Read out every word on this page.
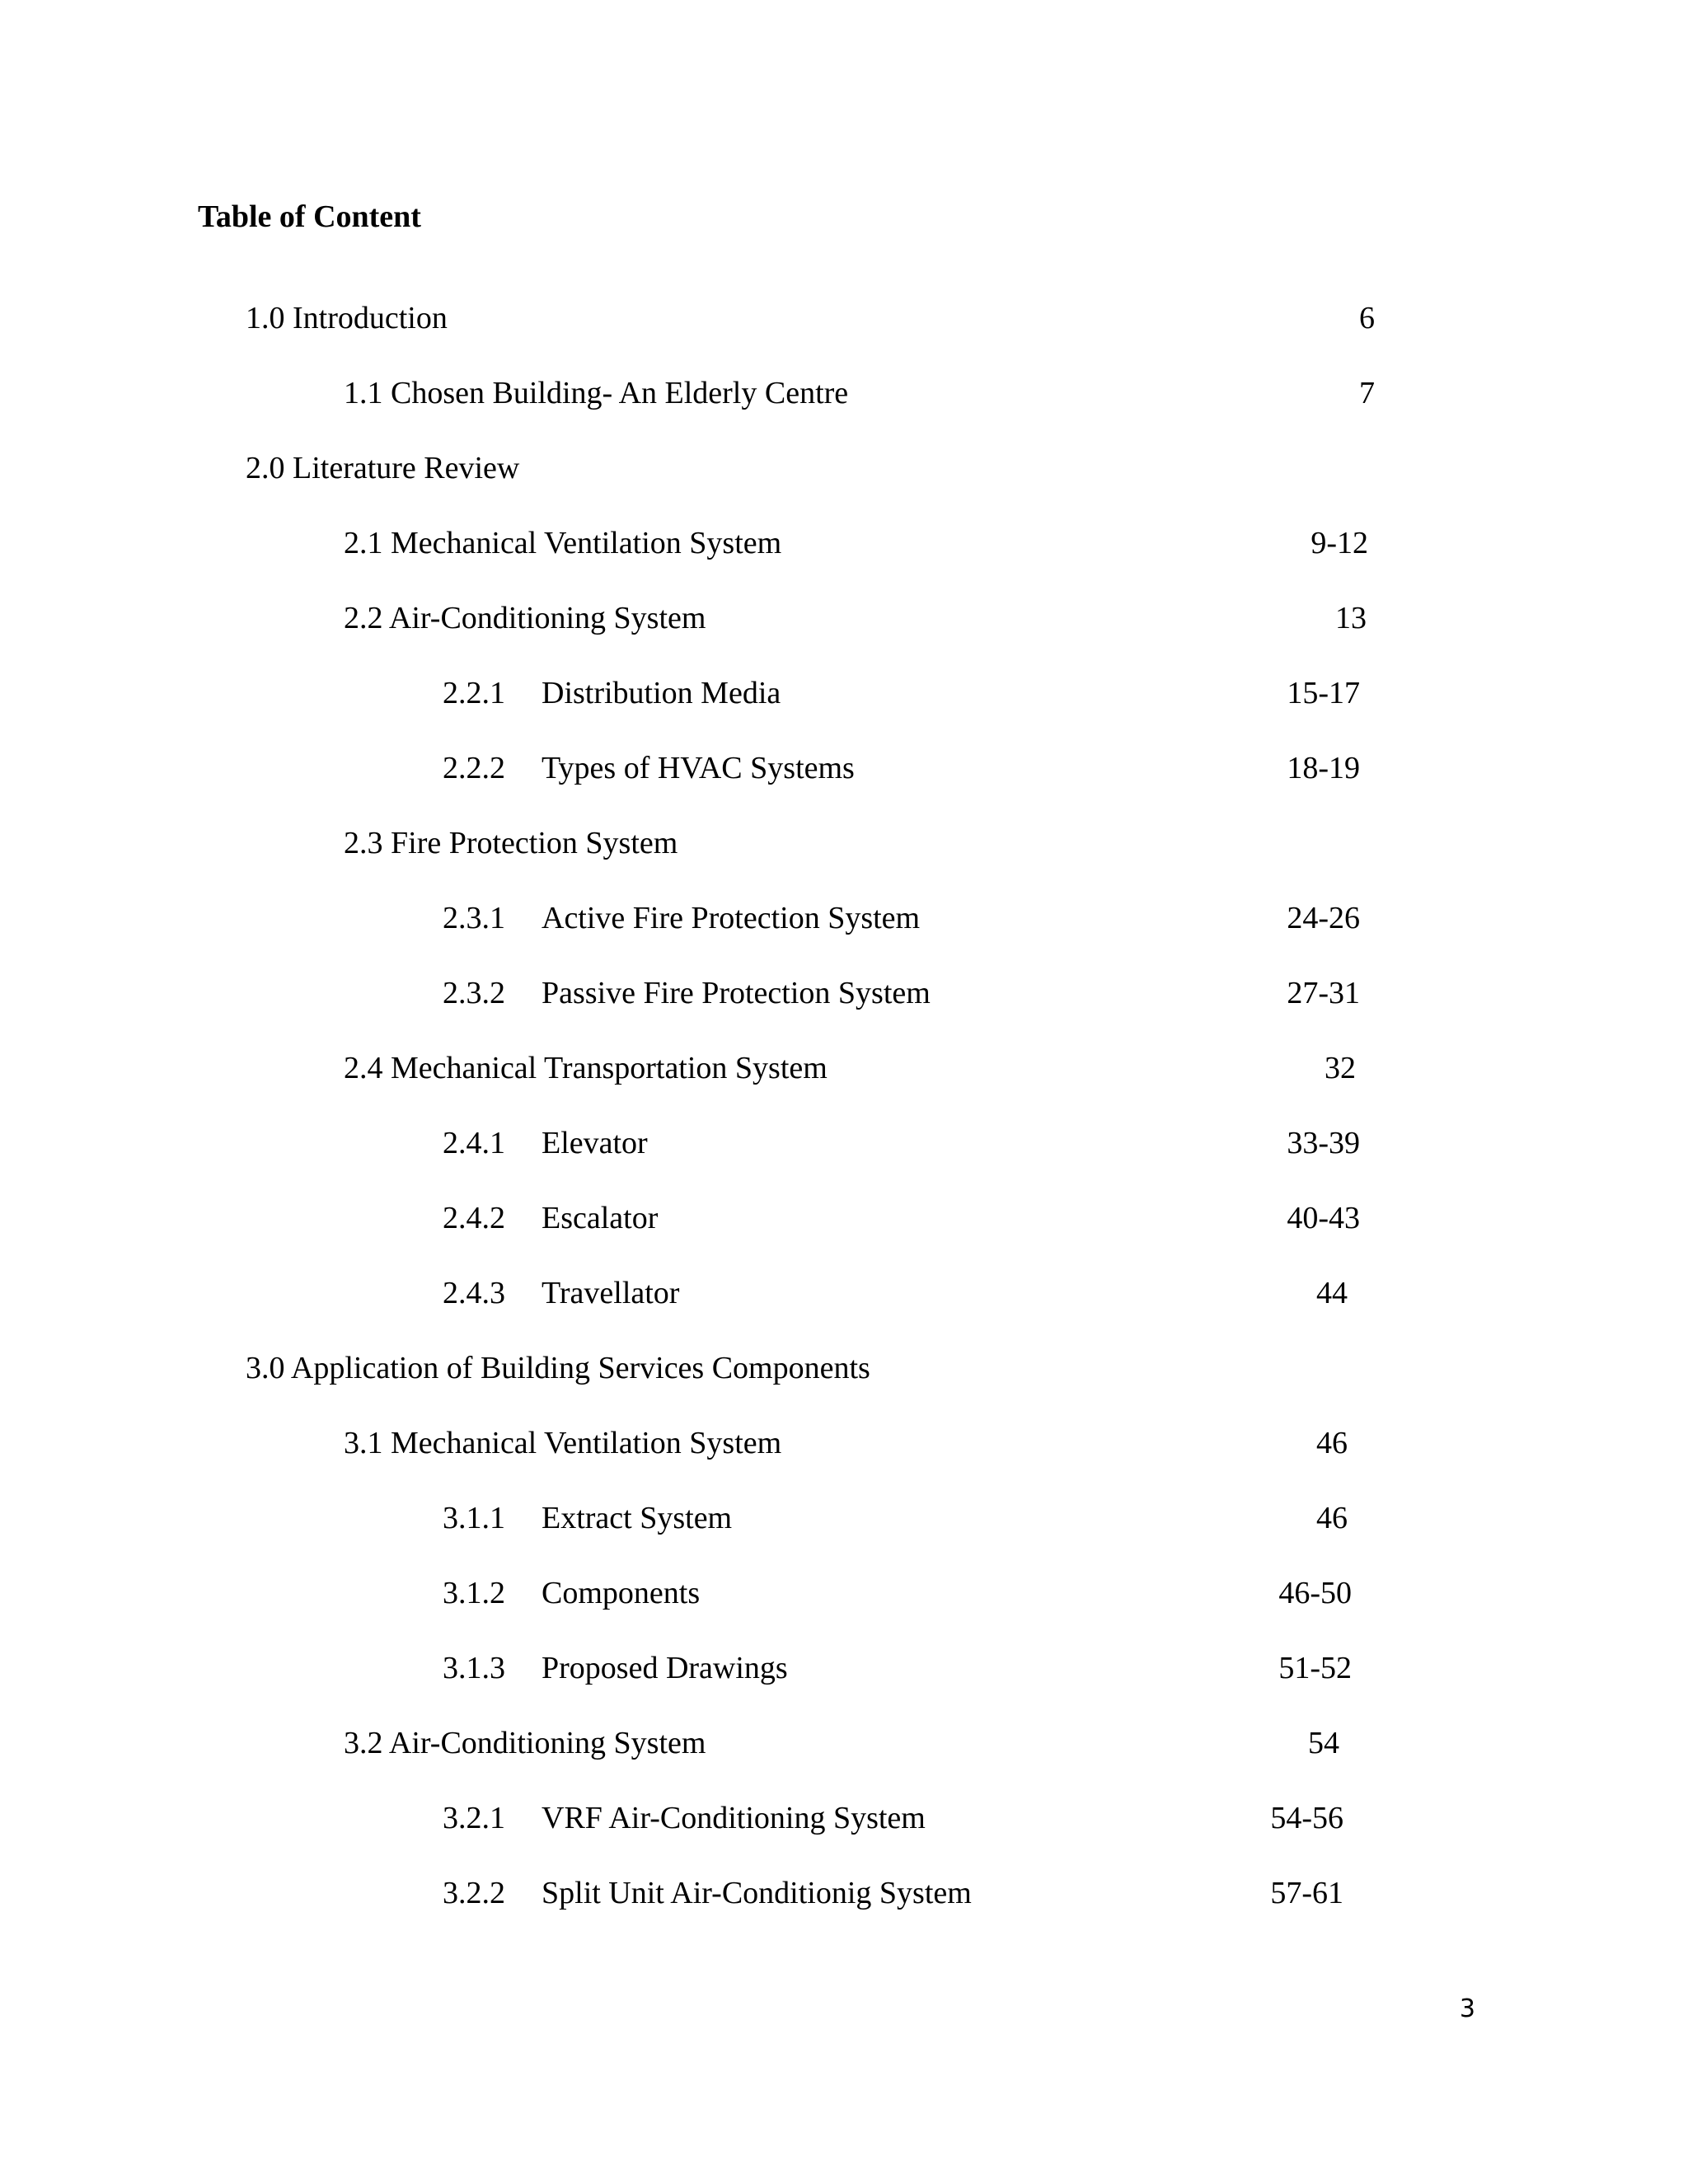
Table of Content
1.0 Introduction	6
1.1 Chosen Building- An Elderly Centre	7
2.0 Literature Review
2.1 Mechanical Ventilation System	9-12
2.2 Air-Conditioning System	13
2.2.1 Distribution Media	15-17
2.2.2 Types of HVAC Systems	18-19
2.3 Fire Protection System
2.3.1 Active Fire Protection System	24-26
2.3.2 Passive Fire Protection System	27-31
2.4 Mechanical Transportation System	32
2.4.1 Elevator	33-39
2.4.2 Escalator	40-43
2.4.3 Travellator	44
3.0 Application of Building Services Components
3.1 Mechanical Ventilation System	46
3.1.1 Extract System	46
3.1.2 Components	46-50
3.1.3 Proposed Drawings	51-52
3.2 Air-Conditioning System	54
3.2.1 VRF Air-Conditioning System	54-56
3.2.2 Split Unit Air-Conditionig System	57-61
3
